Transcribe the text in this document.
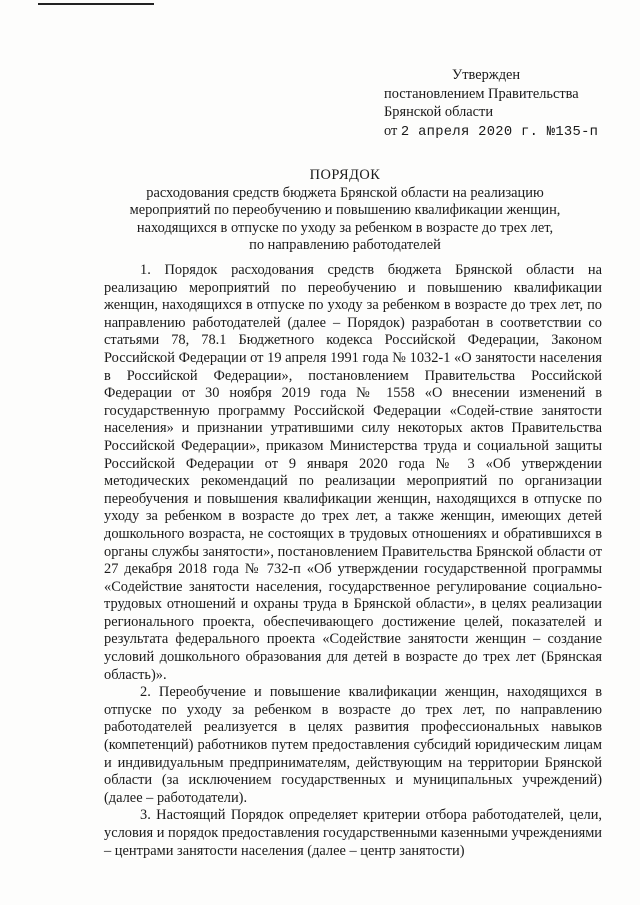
Утвержден
постановлением Правительства
Брянской области
от 2 апреля 2020 г. №135-п
ПОРЯДОК
расходования средств бюджета Брянской области на реализацию
мероприятий по переобучению и повышению квалификации женщин,
находящихся в отпуске по уходу за ребенком в возрасте до трех лет,
по направлению работодателей

1. Порядок расходования средств бюджета Брянской области на реализацию мероприятий по переобучению и повышению квалификации женщин, находящихся в отпуске по уходу за ребенком в возрасте до трех лет, по направлению работодателей (далее – Порядок) разработан в соответствии со статьями 78, 78.1 Бюджетного кодекса Российской Федерации, Законом Российской Федерации от 19 апреля 1991 года № 1032-1 «О занятости населения в Российской Федерации», постановлением Правительства Российской Федерации от 30 ноября 2019 года № 1558 «О внесении изменений в государственную программу Российской Федерации «Содей-ствие занятости населения» и признании утратившими силу некоторых актов Правительства Российской Федерации», приказом Министерства труда и социальной защиты Российской Федерации от 9 января 2020 года № 3 «Об утверждении методических рекомендаций по реализации мероприятий по организации переобучения и повышения квалификации женщин, находящихся в отпуске по уходу за ребенком в возрасте до трех лет, а также женщин, имеющих детей дошкольного возраста, не состоящих в трудовых отношениях и обратившихся в органы службы занятости», постановлением Правительства Брянской области от 27 декабря 2018 года № 732-п «Об утверждении государственной программы «Содействие занятости населения, государственное регулирование социально-трудовых отношений и охраны труда в Брянской области», в целях реализации регионального проекта, обеспечивающего достижение целей, показателей и результата федерального проекта «Содействие занятости женщин – создание условий дошкольного образования для детей в возрасте до трех лет (Брянская область)».

2. Переобучение и повышение квалификации женщин, находящихся в отпуске по уходу за ребенком в возрасте до трех лет, по направлению работодателей реализуется в целях развития профессиональных навыков (компетенций) работников путем предоставления субсидий юридическим лицам и индивидуальным предпринимателям, действующим на территории Брянской области (за исключением государственных и муниципальных учреждений) (далее – работодатели).

3. Настоящий Порядок определяет критерии отбора работодателей, цели, условия и порядок предоставления государственными казенными учреждениями – центрами занятости населения (далее – центр занятости)
